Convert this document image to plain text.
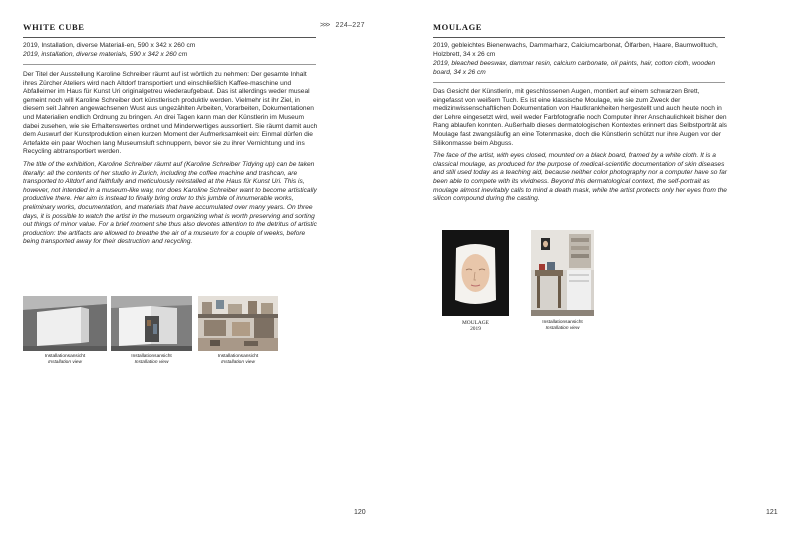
WHITE CUBE	>>> 224–227
2019, Installation, diverse Materiali-en, 590 x 342 x 260 cm
2019, installation, diverse materials, 590 x 342 x 260 cm

Der Titel der Ausstellung Karoline Schreiber räumt auf ist wörtlich zu nehmen: Der gesamte Inhalt ihres Zürcher Ateliers wird nach Altdorf transportiert und einschließlich Kaffee-maschine und Abfalleimer im Haus für Kunst Uri originalgetreu wiederaufgebaut. Das ist allerdings weder museal gemeint noch will Karoline Schreiber dort künstlerisch produktiv werden. Vielmehr ist ihr Ziel, in diesem seit Jahren angewachsenen Wust aus ungezählten Arbeiten, Vorarbeiten, Dokumentationen und Materialien endlich Ordnung zu bringen. An drei Tagen kann man der Künstlerin im Museum dabei zusehen, wie sie Erhaltenswertes ordnet und Minderwertiges aussortiert. Sie räumt damit auch dem Auswurf der Kunstproduktion einen kurzen Moment der Aufmerksamkeit ein: Einmal dürfen die Artefakte ein paar Wochen lang Museumsluft schnuppern, bevor sie zu ihrer Vernichtung und ins Recycling abtransportiert werden.

The title of the exhibition, Karoline Schreiber räumt auf (Karoline Schreiber Tidying up) can be taken literally: all the contents of her studio in Zurich, including the coffee machine and trashcan, are transported to Altdorf and faithfully and meticulously reinstalled at the Haus für Kunst Uri. This is, however, not intended in a museum-like way, nor does Karoline Schreiber want to become artistically productive there. Her aim is instead to finally bring order to this jumble of innumerable works, preliminary works, documentation, and materials that have accumulated over many years. On three days, it is possible to watch the artist in the museum organizing what is worth preserving and sorting out things of minor value. For a brief moment she thus also devotes attention to the detritus of artistic production: the artifacts are allowed to breathe the air of a museum for a couple of weeks, before being transported away for their destruction and recycling.

Installationsansicht
Installation view
Installationsansicht
Installation view
Installationsansicht
Installation view
120
MOULAGE
2019, gebleichtes Bienenwachs, Dammarharz, Calciumcarbonat, Ölfarben, Haare, Baumwolltuch, Holzbrett, 34 x 26 cm
2019, bleached beeswax, dammar resin, calcium carbonate, oil paints, hair, cotton cloth, wooden board, 34 x 26 cm

Das Gesicht der Künstlerin, mit geschlossenen Augen, montiert auf einem schwarzen Brett, eingefasst von weißem Tuch. Es ist eine klassische Moulage, wie sie zum Zweck der medizinwissenschaftlichen Dokumentation von Hautkrankheiten hergestellt und auch heute noch in der Lehre eingesetzt wird, weil weder Farbfotografie noch Computer ihrer Anschaulichkeit bisher den Rang ablaufen konnten. Außerhalb dieses dermatologischen Kontextes erinnert das Selbstporträt als Moulage fast zwangsläufig an eine Totenmaske, doch die Künstlerin schützt nur ihre Augen vor der Silikonmasse beim Abguss.

The face of the artist, with eyes closed, mounted on a black board, framed by a white cloth. It is a classical moulage, as produced for the purpose of medical-scientific documentation of skin diseases and still used today as a teaching aid, because neither color photography nor a computer have so far been able to compete with its vividness. Beyond this dermatological context, the self-portrait as moulage almost inevitably calls to mind a death mask, while the artist protects only her eyes from the silicon compound during the casting.

MOULAGE
2019
Installationsansicht
Installation view
121
